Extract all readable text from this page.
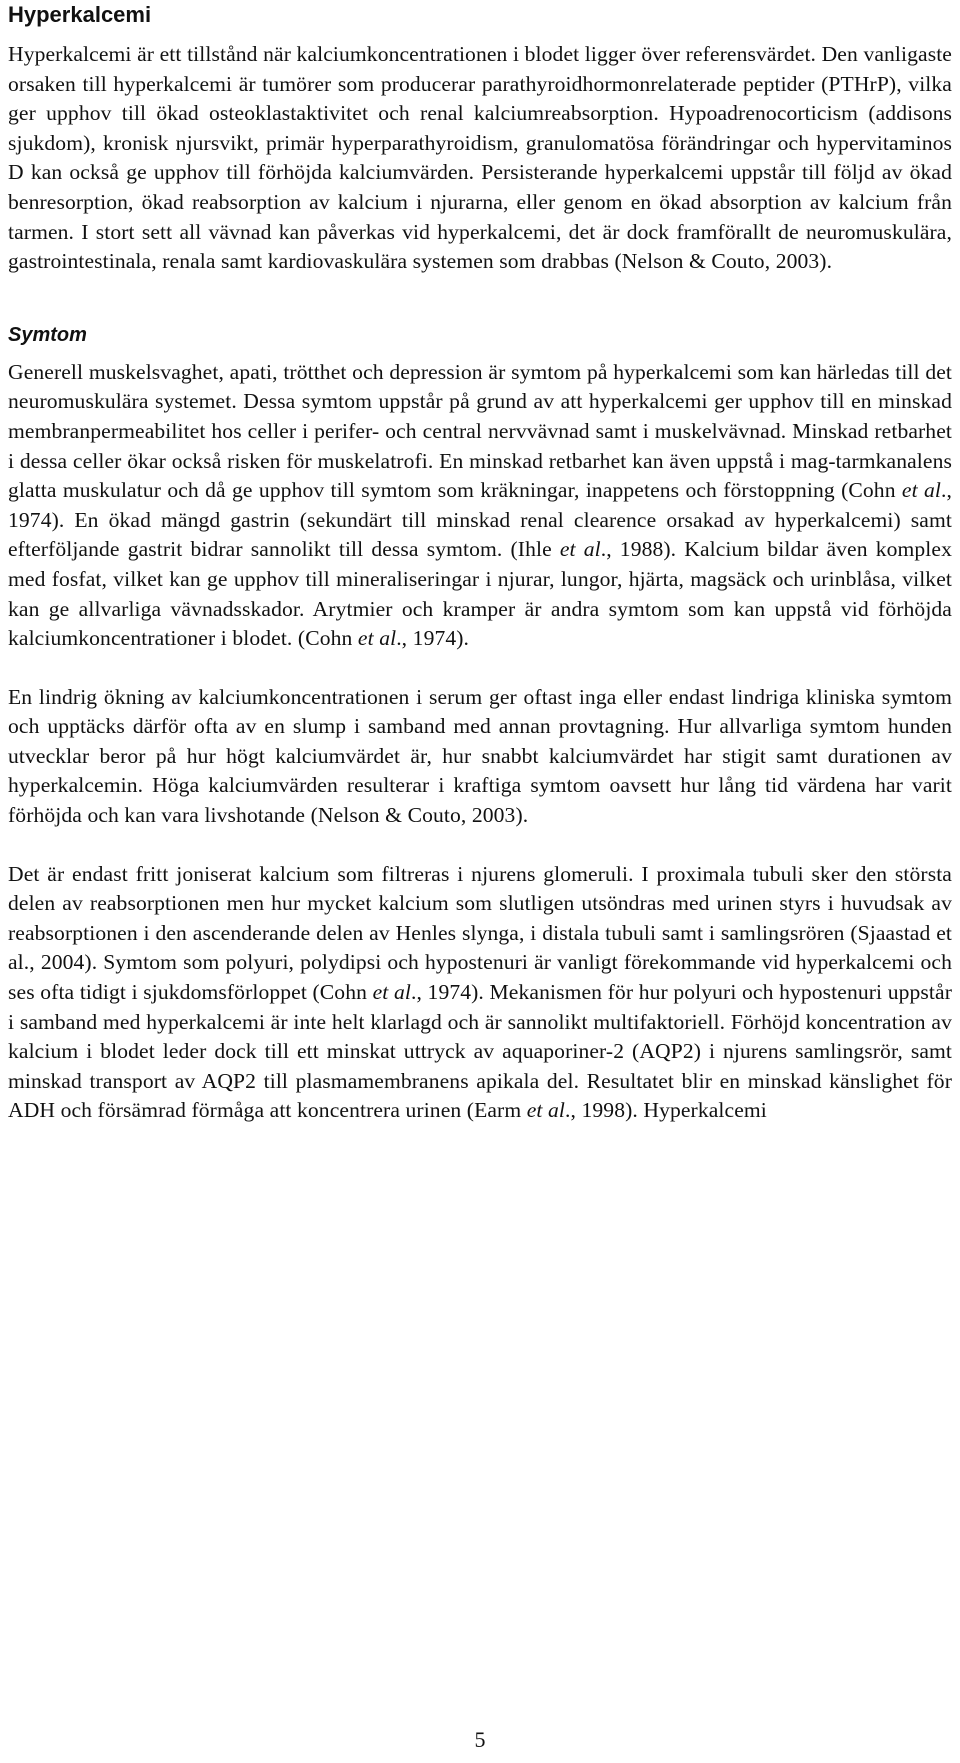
Hyperkalcemi

Hyperkalcemi är ett tillstånd när kalciumkoncentrationen i blodet ligger över referensvärdet. Den vanligaste orsaken till hyperkalcemi är tumörer som producerar parathyroidhormonrelaterade peptider (PTHrP), vilka ger upphov till ökad osteoklastaktivitet och renal kalciumreabsorption. Hypoadrenocorticism (addisons sjukdom), kronisk njursvikt, primär hyperparathyroidism, granulomatösa förändringar och hypervitaminos D kan också ge upphov till förhöjda kalciumvärden. Persisterande hyperkalcemi uppstår till följd av ökad benresorption, ökad reabsorption av kalcium i njurarna, eller genom en ökad absorption av kalcium från tarmen. I stort sett all vävnad kan påverkas vid hyperkalcemi, det är dock framförallt de neuromuskulära, gastrointestinala, renala samt kardiovaskulära systemen som drabbas (Nelson & Couto, 2003).

Symtom

Generell muskelsvaghet, apati, trötthet och depression är symtom på hyperkalcemi som kan härledas till det neuromuskulära systemet. Dessa symtom uppstår på grund av att hyperkalcemi ger upphov till en minskad membranpermeabilitet hos celler i perifer- och central nervvävnad samt i muskelvävnad. Minskad retbarhet i dessa celler ökar också risken för muskelatrofi. En minskad retbarhet kan även uppstå i mag-tarmkanalens glatta muskulatur och då ge upphov till symtom som kräkningar, inappetens och förstoppning (Cohn et al., 1974). En ökad mängd gastrin (sekundärt till minskad renal clearence orsakad av hyperkalcemi) samt efterföljande gastrit bidrar sannolikt till dessa symtom. (Ihle et al., 1988). Kalcium bildar även komplex med fosfat, vilket kan ge upphov till mineraliseringar i njurar, lungor, hjärta, magsäck och urinblåsa, vilket kan ge allvarliga vävnadsskador. Arytmier och kramper är andra symtom som kan uppstå vid förhöjda kalciumkoncentrationer i blodet. (Cohn et al., 1974).

En lindrig ökning av kalciumkoncentrationen i serum ger oftast inga eller endast lindriga kliniska symtom och upptäcks därför ofta av en slump i samband med annan provtagning. Hur allvarliga symtom hunden utvecklar beror på hur högt kalciumvärdet är, hur snabbt kalciumvärdet har stigit samt durationen av hyperkalcemin. Höga kalciumvärden resulterar i kraftiga symtom oavsett hur lång tid värdena har varit förhöjda och kan vara livshotande (Nelson & Couto, 2003).

Det är endast fritt joniserat kalcium som filtreras i njurens glomeruli. I proximala tubuli sker den största delen av reabsorptionen men hur mycket kalcium som slutligen utsöndras med urinen styrs i huvudsak av reabsorptionen i den ascenderande delen av Henles slynga, i distala tubuli samt i samlingsrören (Sjaastad et al., 2004). Symtom som polyuri, polydipsi och hypostenuri är vanligt förekommande vid hyperkalcemi och ses ofta tidigt i sjukdomsförloppet (Cohn et al., 1974). Mekanismen för hur polyuri och hypostenuri uppstår i samband med hyperkalcemi är inte helt klarlagd och är sannolikt multifaktoriell. Förhöjd koncentration av kalcium i blodet leder dock till ett minskat uttryck av aquaporiner-2 (AQP2) i njurens samlingsrör, samt minskad transport av AQP2 till plasmamembranens apikala del. Resultatet blir en minskad känslighet för ADH och försämrad förmåga att koncentrera urinen (Earm et al., 1998). Hyperkalcemi

5
